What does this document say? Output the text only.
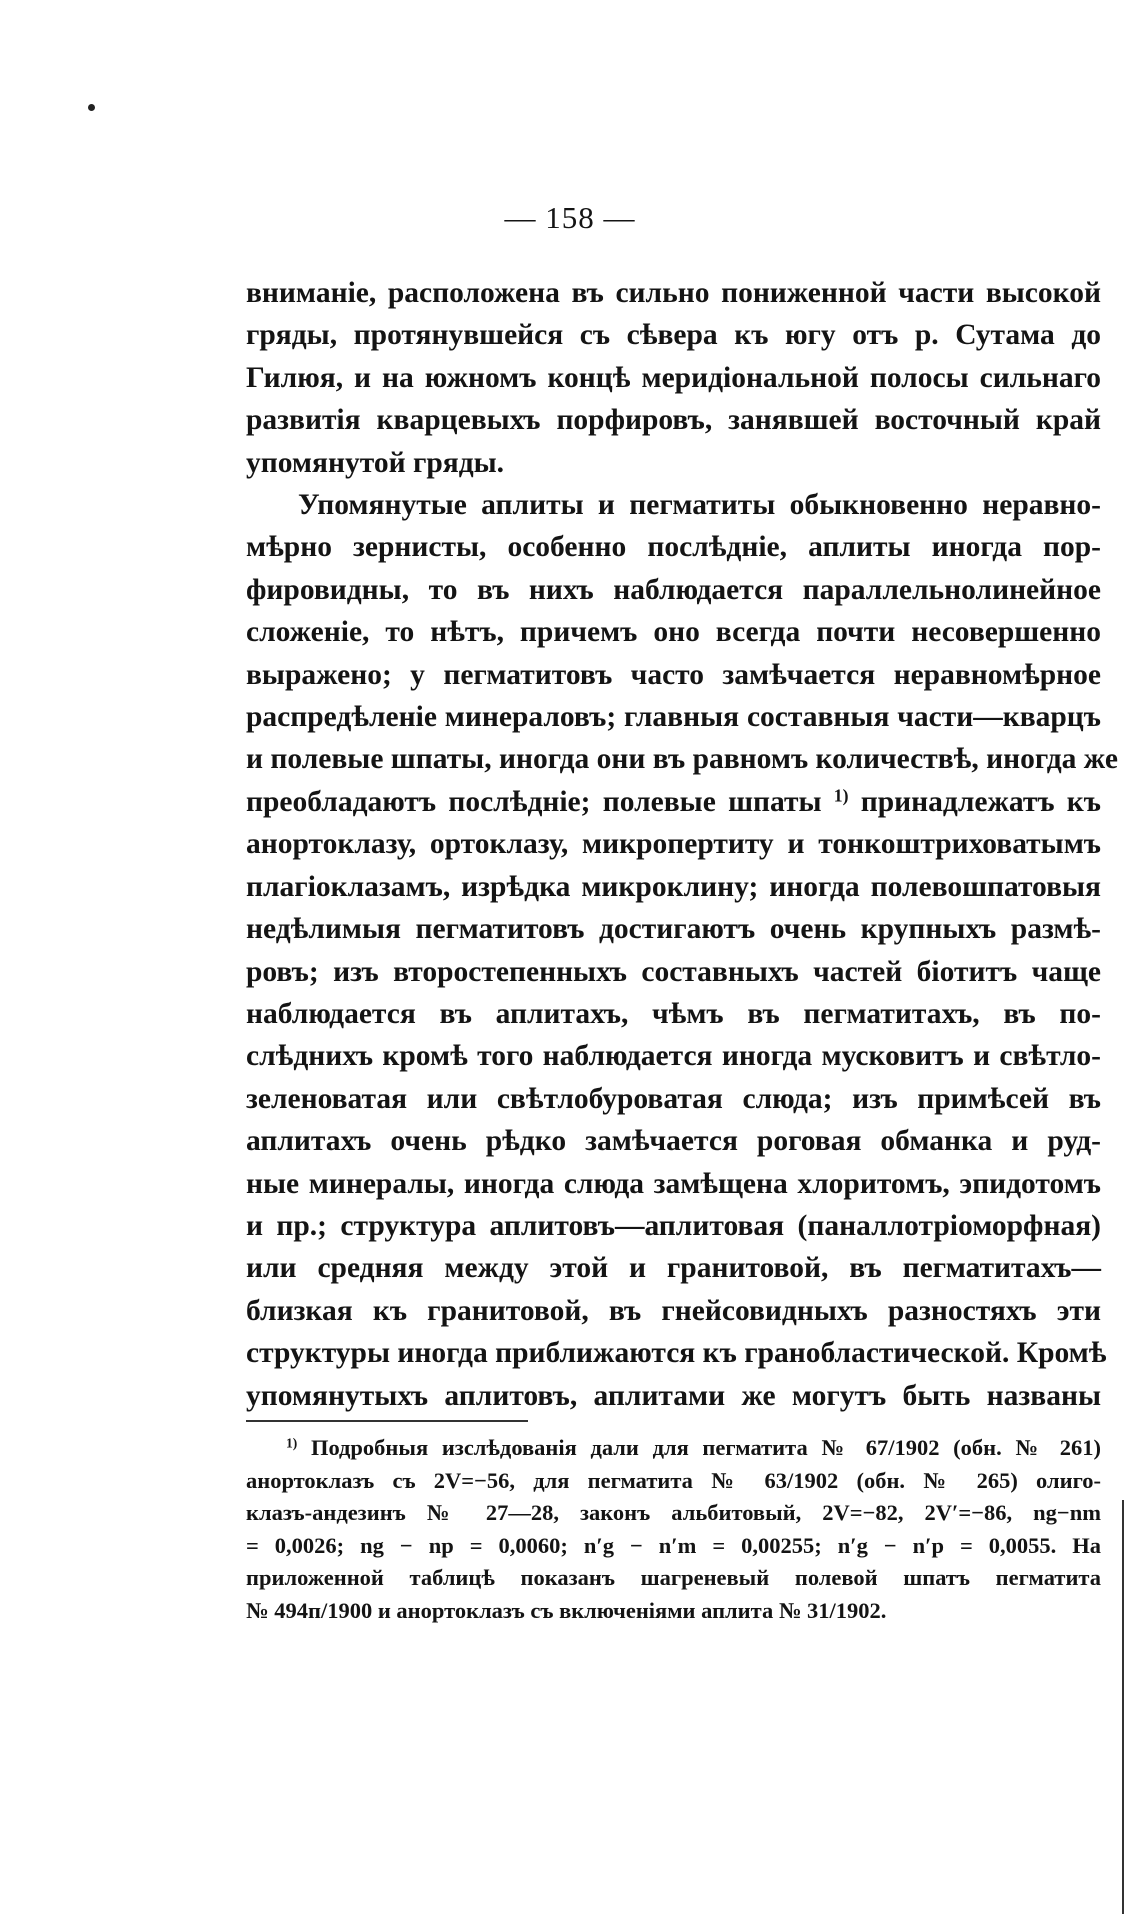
— 158 —
вниманіе, расположена въ сильно пониженной части высокой
гряды, протянувшейся съ сѣвера къ югу отъ р. Сутама до
Гилюя, и на южномъ концѣ меридіональной полосы сильнаго
развитія кварцевыхъ порфировъ, занявшей восточный край
упомянутой гряды.
Упомянутые аплиты и пегматиты обыкновенно неравно-
мѣрно зернисты, особенно послѣдніе, аплиты иногда пор-
фировидны, то въ нихъ наблюдается параллельнолинейное
сложеніе, то нѣтъ, причемъ оно всегда почти несовершенно
выражено; у пегматитовъ часто замѣчается неравномѣрное
распредѣленіе минераловъ; главныя составныя части—кварцъ
и полевые шпаты, иногда они въ равномъ количествѣ, иногда же
преобладаютъ послѣдніе; полевые шпаты $^{1)}$ принадлежатъ къ
анортоклазу, ортоклазу, микропертиту и тонкоштриховатымъ
плагіоклазамъ, изрѣдка микроклину; иногда полевошпатовыя
недѣлимыя пегматитовъ достигаютъ очень крупныхъ размѣ-
ровъ; изъ второстепенныхъ составныхъ частей біотитъ чаще
наблюдается въ аплитахъ, чѣмъ въ пегматитахъ, въ по-
слѣднихъ кромѣ того наблюдается иногда мусковитъ и свѣтло-
зеленоватая или свѣтлобуроватая слюда; изъ примѣсей въ
аплитахъ очень рѣдко замѣчается роговая обманка и руд-
ные минералы, иногда слюда замѣщена хлоритомъ, эпидотомъ
и пр.; структура аплитовъ—аплитовая (паналлотріоморфная)
или средняя между этой и гранитовой, въ пегматитахъ—
близкая къ гранитовой, въ гнейсовидныхъ разностяхъ эти
структуры иногда приближаются къ гранобластической. Кромѣ
упомянутыхъ аплитовъ, аплитами же могутъ быть названы
$^{1)}$ Подробныя изслѣдованія дали для пегматита № 67/1902 (обн. № 261)
анортоклазъ съ 2V=−56, для пегматита № 63/1902 (обн. № 265) олиго-
клазъ-андезинъ № 27—28, законъ альбитовый, 2V=−82, 2V′=−86, ng−nm
= 0,0026; ng − np = 0,0060; n′g − n′m = 0,00255; n′g − n′p = 0,0055. На
приложенной таблицѣ показанъ шагреневый полевой шпатъ пегматита
№ 494п/1900 и анортоклазъ съ включеніями аплита № 31/1902.
